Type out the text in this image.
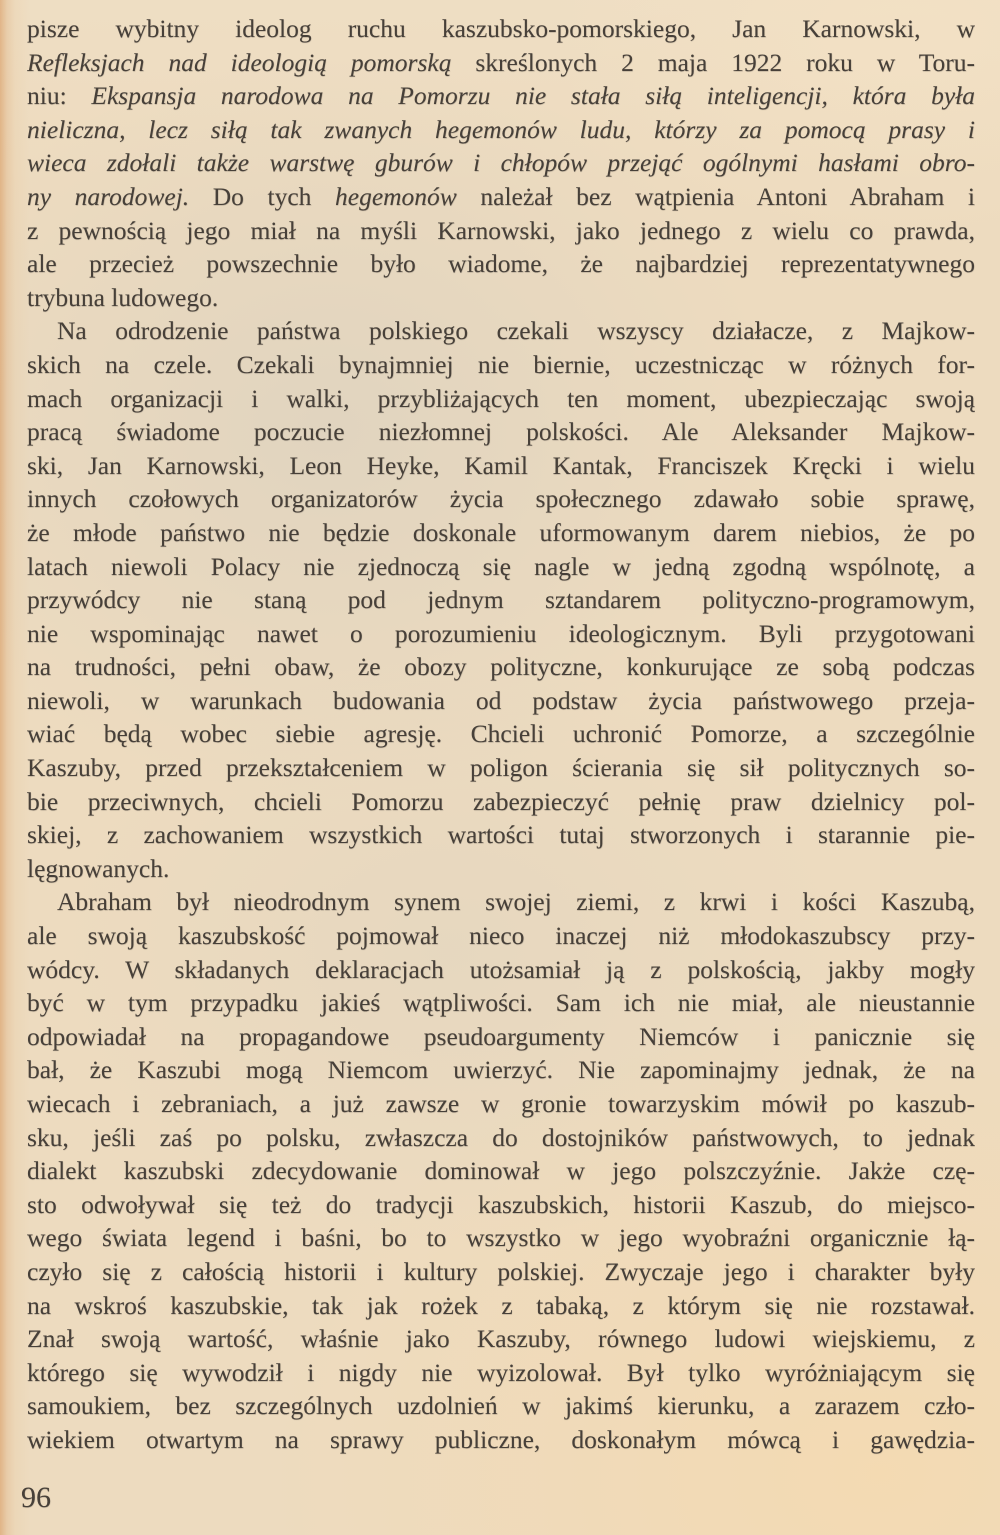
pisze wybitny ideolog ruchu kaszubsko-pomorskiego, Jan Karnowski, w
Refleksjach nad ideologią pomorską skreślonych 2 maja 1922 roku w Toru-
niu: Ekspansja narodowa na Pomorzu nie stała siłą inteligencji, która była
nieliczna, lecz siłą tak zwanych hegemonów ludu, którzy za pomocą prasy i
wieca zdołali także warstwę gburów i chłopów przejąć ogólnymi hasłami obro-
ny narodowej. Do tych hegemonów należał bez wątpienia Antoni Abraham i
z pewnością jego miał na myśli Karnowski, jako jednego z wielu co prawda,
ale przecież powszechnie było wiadome, że najbardziej reprezentatywnego
trybuna ludowego.
Na odrodzenie państwa polskiego czekali wszyscy działacze, z Majkow-
skich na czele. Czekali bynajmniej nie biernie, uczestnicząc w różnych for-
mach organizacji i walki, przybliżających ten moment, ubezpieczając swoją
pracą świadome poczucie niezłomnej polskości. Ale Aleksander Majkow-
ski, Jan Karnowski, Leon Heyke, Kamil Kantak, Franciszek Kręcki i wielu
innych czołowych organizatorów życia społecznego zdawało sobie sprawę,
że młode państwo nie będzie doskonale uformowanym darem niebios, że po
latach niewoli Polacy nie zjednoczą się nagle w jedną zgodną wspólnotę, a
przywódcy nie staną pod jednym sztandarem polityczno-programowym,
nie wspominając nawet o porozumieniu ideologicznym. Byli przygotowani
na trudności, pełni obaw, że obozy polityczne, konkurujące ze sobą podczas
niewoli, w warunkach budowania od podstaw życia państwowego przeja-
wiać będą wobec siebie agresję. Chcieli uchronić Pomorze, a szczególnie
Kaszuby, przed przekształceniem w poligon ścierania się sił politycznych so-
bie przeciwnych, chcieli Pomorzu zabezpieczyć pełnię praw dzielnicy pol-
skiej, z zachowaniem wszystkich wartości tutaj stworzonych i starannie pie-
lęgnowanych.
Abraham był nieodrodnym synem swojej ziemi, z krwi i kości Kaszubą,
ale swoją kaszubskość pojmował nieco inaczej niż młodokaszubscy przy-
wódcy. W składanych deklaracjach utożsamiał ją z polskością, jakby mogły
być w tym przypadku jakieś wątpliwości. Sam ich nie miał, ale nieustannie
odpowiadał na propagandowe pseudoargumenty Niemców i panicznie się
bał, że Kaszubi mogą Niemcom uwierzyć. Nie zapominajmy jednak, że na
wiecach i zebraniach, a już zawsze w gronie towarzyskim mówił po kaszub-
sku, jeśli zaś po polsku, zwłaszcza do dostojników państwowych, to jednak
dialekt kaszubski zdecydowanie dominował w jego polszczyźnie. Jakże czę-
sto odwoływał się też do tradycji kaszubskich, historii Kaszub, do miejsco-
wego świata legend i baśni, bo to wszystko w jego wyobraźni organicznie łą-
czyło się z całością historii i kultury polskiej. Zwyczaje jego i charakter były
na wskroś kaszubskie, tak jak rożek z tabaką, z którym się nie rozstawał.
Znał swoją wartość, właśnie jako Kaszuby, równego ludowi wiejskiemu, z
którego się wywodził i nigdy nie wyizolował. Był tylko wyróżniającym się
samoukiem, bez szczególnych uzdolnień w jakimś kierunku, a zarazem czło-
wiekiem otwartym na sprawy publiczne, doskonałym mówcą i gawędzia-
96
